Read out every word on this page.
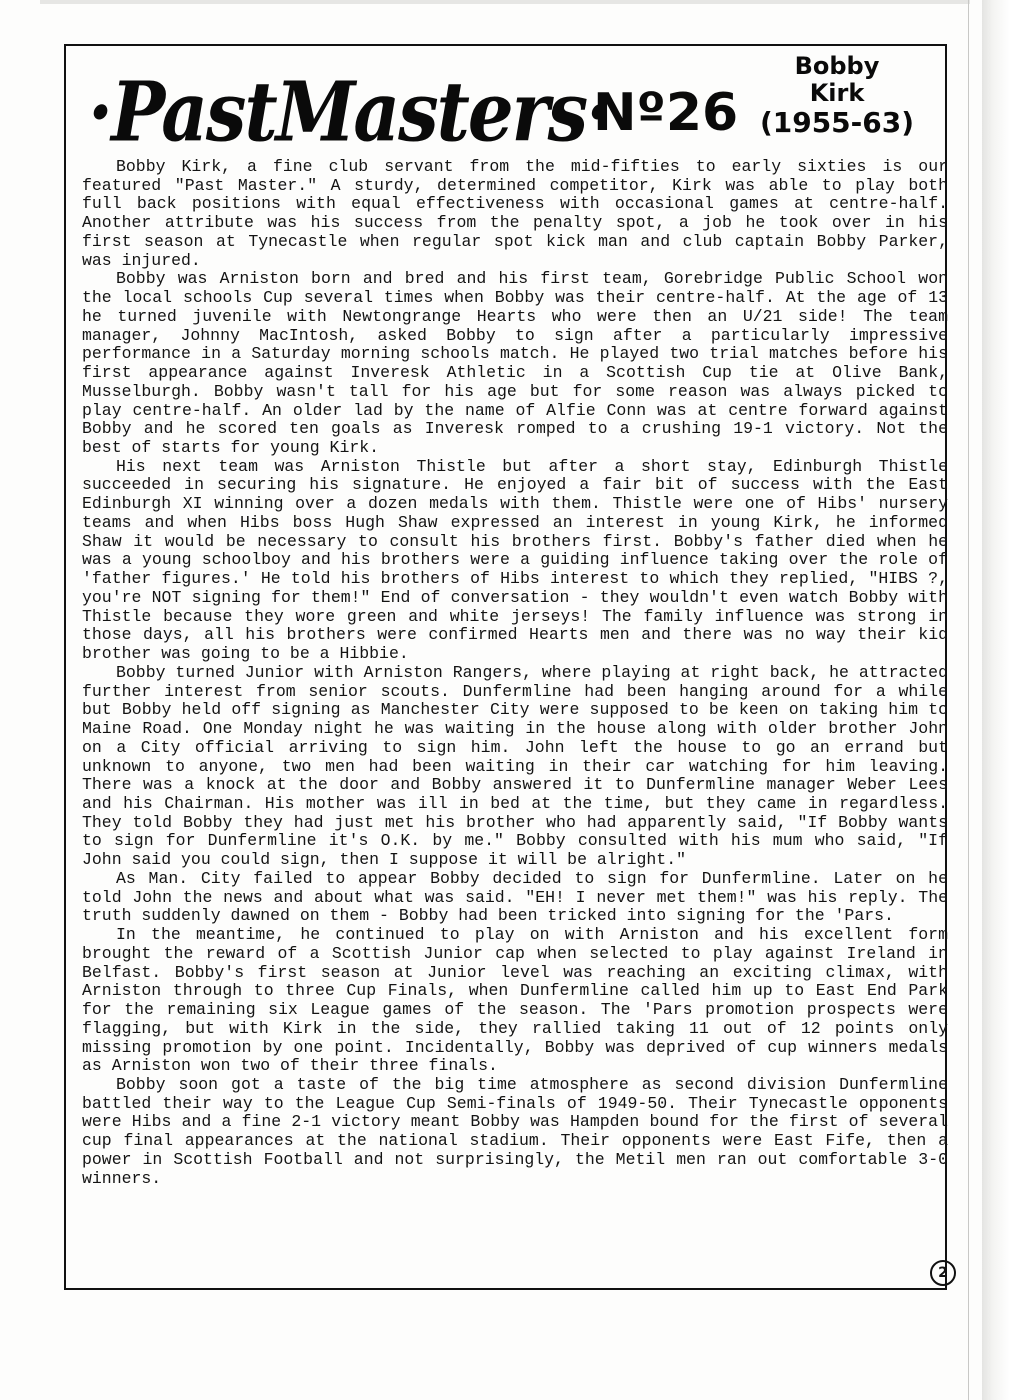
·PastMasters·
Nº26
Bobby
Kirk
(1955-63)

Bobby Kirk, a fine club servant from the mid-fifties to early sixties is our featured "Past Master." A sturdy, determined competitor, Kirk was able to play both full back positions with equal effectiveness with occasional games at centre-half. Another attribute was his success from the penalty spot, a job he took over in his first season at Tynecastle when regular spot kick man and club captain Bobby Parker, was injured.

Bobby was Arniston born and bred and his first team, Gorebridge Public School won the local schools Cup several times when Bobby was their centre-half. At the age of 13 he turned juvenile with Newtongrange Hearts who were then an U/21 side! The team manager, Johnny MacIntosh, asked Bobby to sign after a particularly impressive performance in a Saturday morning schools match. He played two trial matches before his first appearance against Inveresk Athletic in a Scottish Cup tie at Olive Bank, Musselburgh. Bobby wasn't tall for his age but for some reason was always picked to play centre-half. An older lad by the name of Alfie Conn was at centre forward against Bobby and he scored ten goals as Inveresk romped to a crushing 19-1 victory. Not the best of starts for young Kirk.

His next team was Arniston Thistle but after a short stay, Edinburgh Thistle succeeded in securing his signature. He enjoyed a fair bit of success with the East Edinburgh XI winning over a dozen medals with them. Thistle were one of Hibs' nursery teams and when Hibs boss Hugh Shaw expressed an interest in young Kirk, he informed Shaw it would be necessary to consult his brothers first. Bobby's father died when he was a young schoolboy and his brothers were a guiding influence taking over the role of 'father figures.' He told his brothers of Hibs interest to which they replied, "HIBS ?, you're NOT signing for them!" End of conversation - they wouldn't even watch Bobby with Thistle because they wore green and white jerseys! The family influence was strong in those days, all his brothers were confirmed Hearts men and there was no way their kid brother was going to be a Hibbie.

Bobby turned Junior with Arniston Rangers, where playing at right back, he attracted further interest from senior scouts. Dunfermline had been hanging around for a while but Bobby held off signing as Manchester City were supposed to be keen on taking him to Maine Road. One Monday night he was waiting in the house along with older brother John on a City official arriving to sign him. John left the house to go an errand but unknown to anyone, two men had been waiting in their car watching for him leaving. There was a knock at the door and Bobby answered it to Dunfermline manager Weber Lees and his Chairman. His mother was ill in bed at the time, but they came in regardless. They told Bobby they had just met his brother who had apparently said, "If Bobby wants to sign for Dunfermline it's O.K. by me." Bobby consulted with his mum who said, "If John said you could sign, then I suppose it will be alright."

As Man. City failed to appear Bobby decided to sign for Dunfermline. Later on he told John the news and about what was said. "EH! I never met them!" was his reply. The truth suddenly dawned on them - Bobby had been tricked into signing for the 'Pars.

In the meantime, he continued to play on with Arniston and his excellent form brought the reward of a Scottish Junior cap when selected to play against Ireland in Belfast. Bobby's first season at Junior level was reaching an exciting climax, with Arniston through to three Cup Finals, when Dunfermline called him up to East End Park for the remaining six League games of the season. The 'Pars promotion prospects were flagging, but with Kirk in the side, they rallied taking 11 out of 12 points only missing promotion by one point. Incidentally, Bobby was deprived of cup winners medals as Arniston won two of their three finals.

Bobby soon got a taste of the big time atmosphere as second division Dunfermline battled their way to the League Cup Semi-finals of 1949-50. Their Tynecastle opponents were Hibs and a fine 2-1 victory meant Bobby was Hampden bound for the first of several cup final appearances at the national stadium. Their opponents were East Fife, then a power in Scottish Football and not surprisingly, the Metil men ran out comfortable 3-0 winners.

2
